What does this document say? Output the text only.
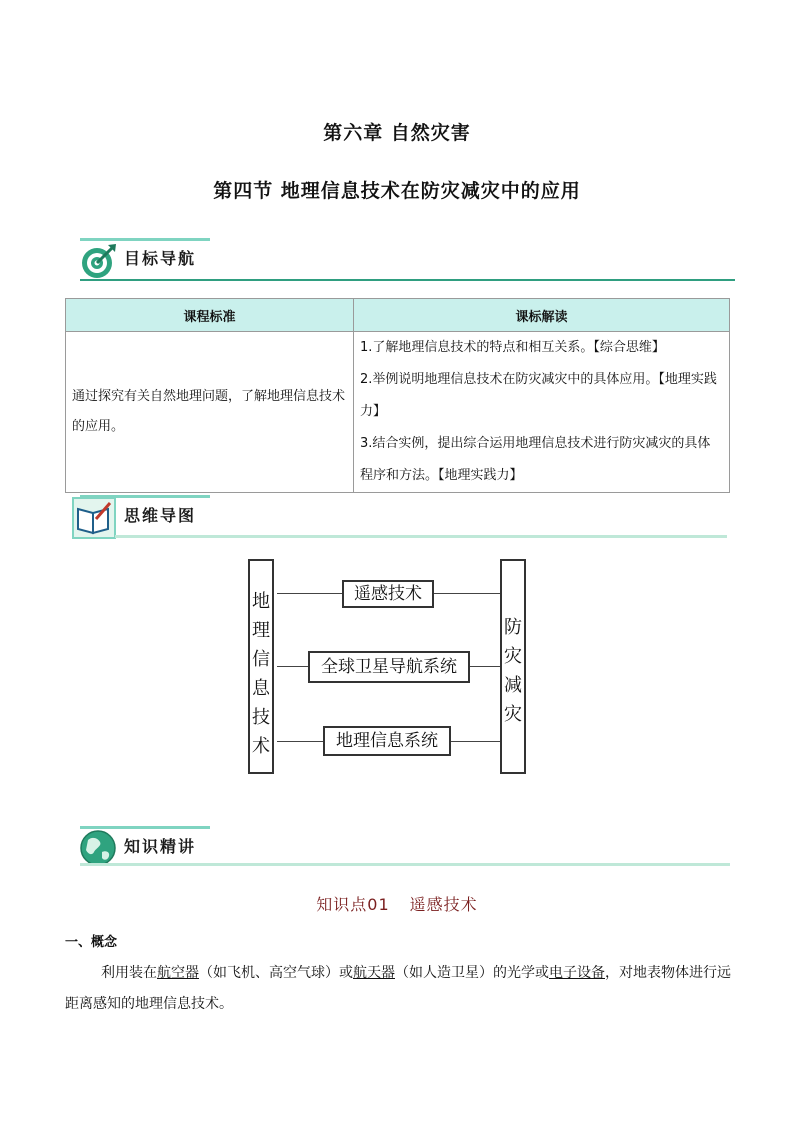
第六章 自然灾害
第四节 地理信息技术在防灾减灾中的应用
目标导航
课程标准	课标解读
通过探究有关自然地理问题，了解地理信息技术的应用。	1.了解地理信息技术的特点和相互关系。【综合思维】
2.举例说明地理信息技术在防灾减灾中的具体应用。【地理实践力】
3.结合实例，提出综合运用地理信息技术进行防灾减灾的具体程序和方法。【地理实践力】
思维导图
地
理
信
息
技
术
防
灾
减
灾
遥感技术
全球卫星导航系统
地理信息系统
知识精讲
知识点01 遥感技术
一、概念
利用装在航空器（如飞机、高空气球）或航天器（如人造卫星）的光学或电子设备，对地表物体进行远距离感知的地理信息技术。
